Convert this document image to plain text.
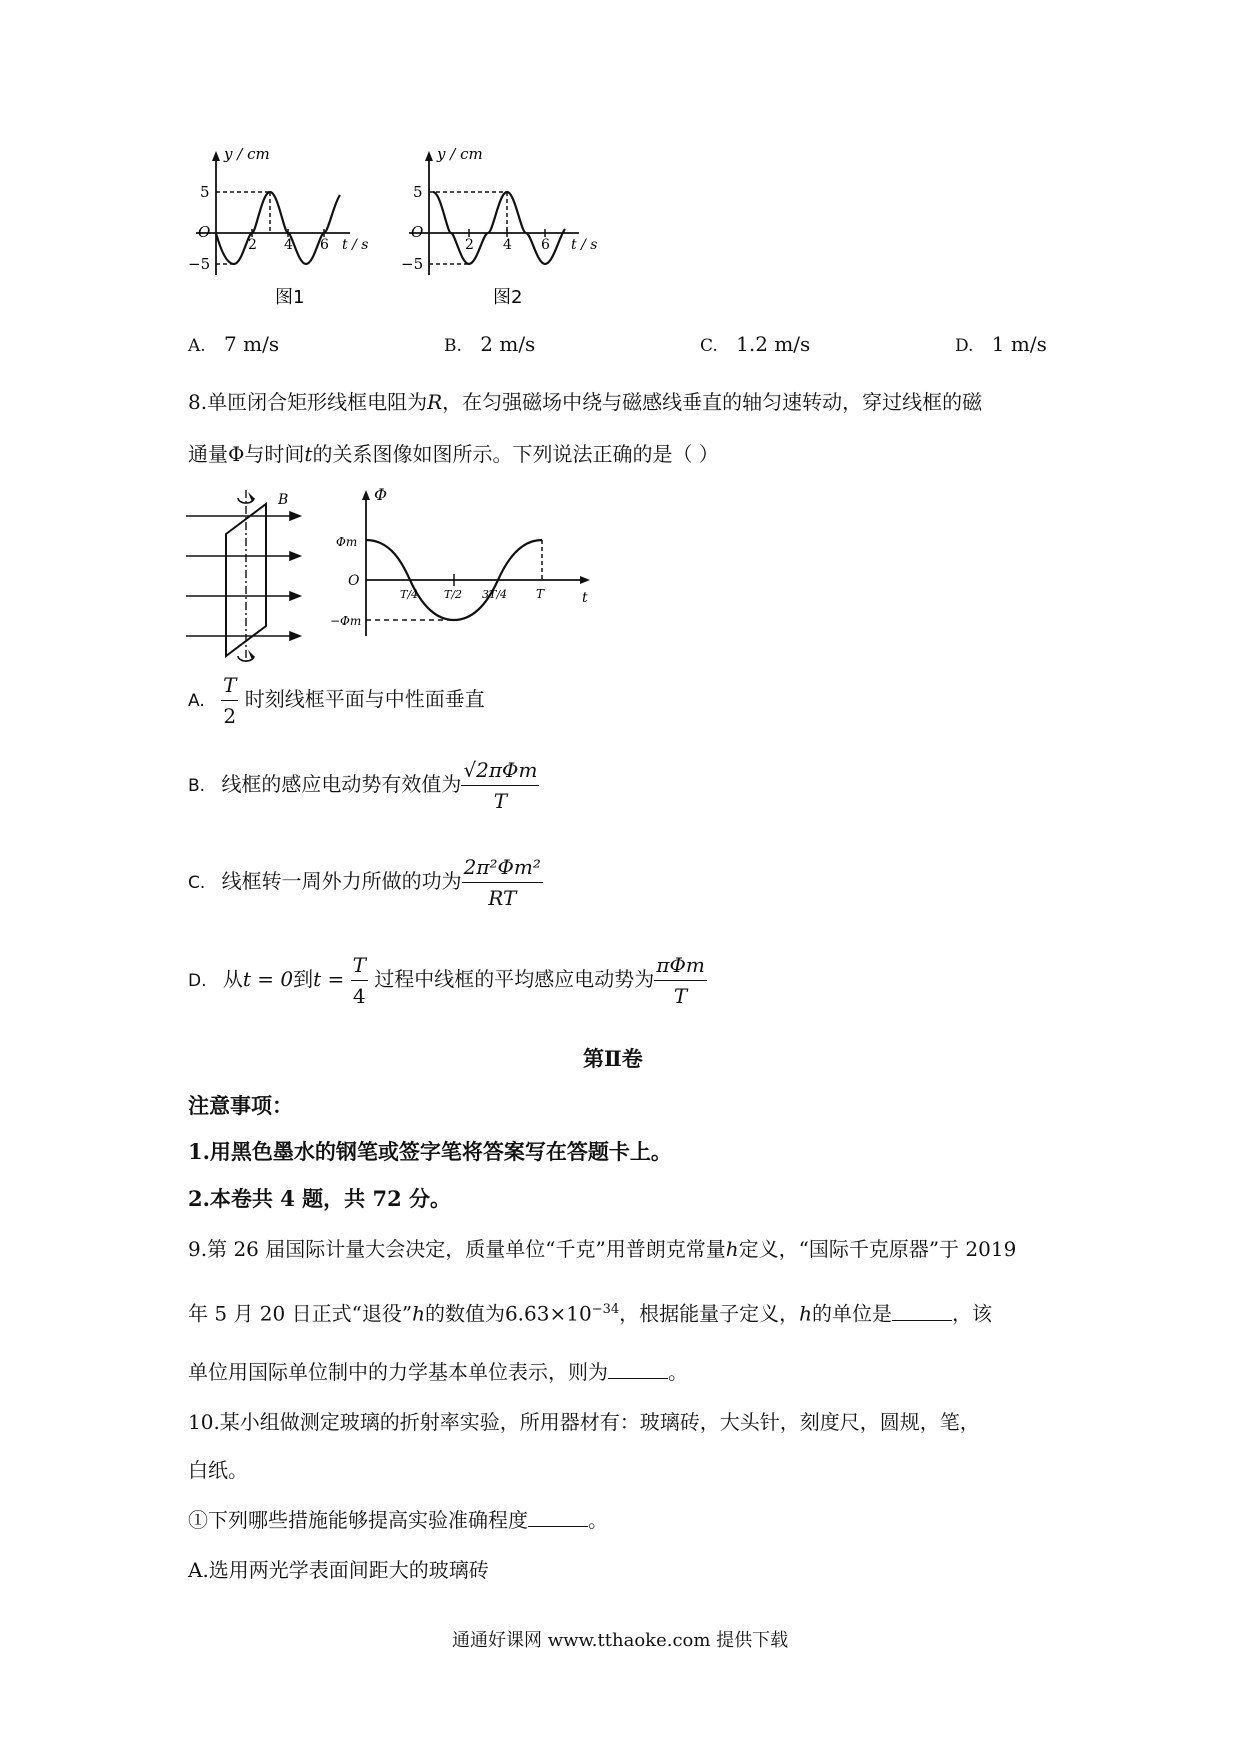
y / cm
5
O
−5
2 4 6 t / s
图1
y / cm
5
O
−5
2 4 6 t / s
图2
A. 7 m/s	B. 2 m/s	C. 1.2 m/s	D. 1 m/s
8.单匝闭合矩形线框电阻为R，在匀强磁场中绕与磁感线垂直的轴匀速转动，穿过线框的磁
通量Φ与时间t的关系图像如图所示。下列说法正确的是（ ）
B	Φ
Φm
O
−Φm
T/4 T/2 3T/4 T	t
A. $\frac{T}{2}$ 时刻线框平面与中性面垂直
B. 线框的感应电动势有效值为 $\frac{\text{√2πΦm}}{T}$
C. 线框转一周外力所做的功为 $\frac{\text{2π²Φm²}}{RT}$
D. 从t = 0到$t = \frac{T}{4}$ 过程中线框的平均感应电动势为 $\frac{\text{πΦm}}{T}$
第Ⅱ卷
注意事项：
1.用黑色墨水的钢笔或签字笔将答案写在答题卡上。
2.本卷共 4 题，共 72 分。
9.第 26 届国际计量大会决定，质量单位“千克”用普朗克常量h定义，“国际千克原器”于 2019
年 5 月 20 日正式“退役”h的数值为$6.63\times 10^{-34}$，根据能量子定义，h的单位是	，该
单位用国际单位制中的力学基本单位表示，则为	。
10.某小组做测定玻璃的折射率实验，所用器材有：玻璃砖，大头针，刻度尺，圆规，笔，
白纸。
①下列哪些措施能够提高实验准确程度	。
A.选用两光学表面间距大的玻璃砖
通通好课网 www.tthaoke.com 提供下载
